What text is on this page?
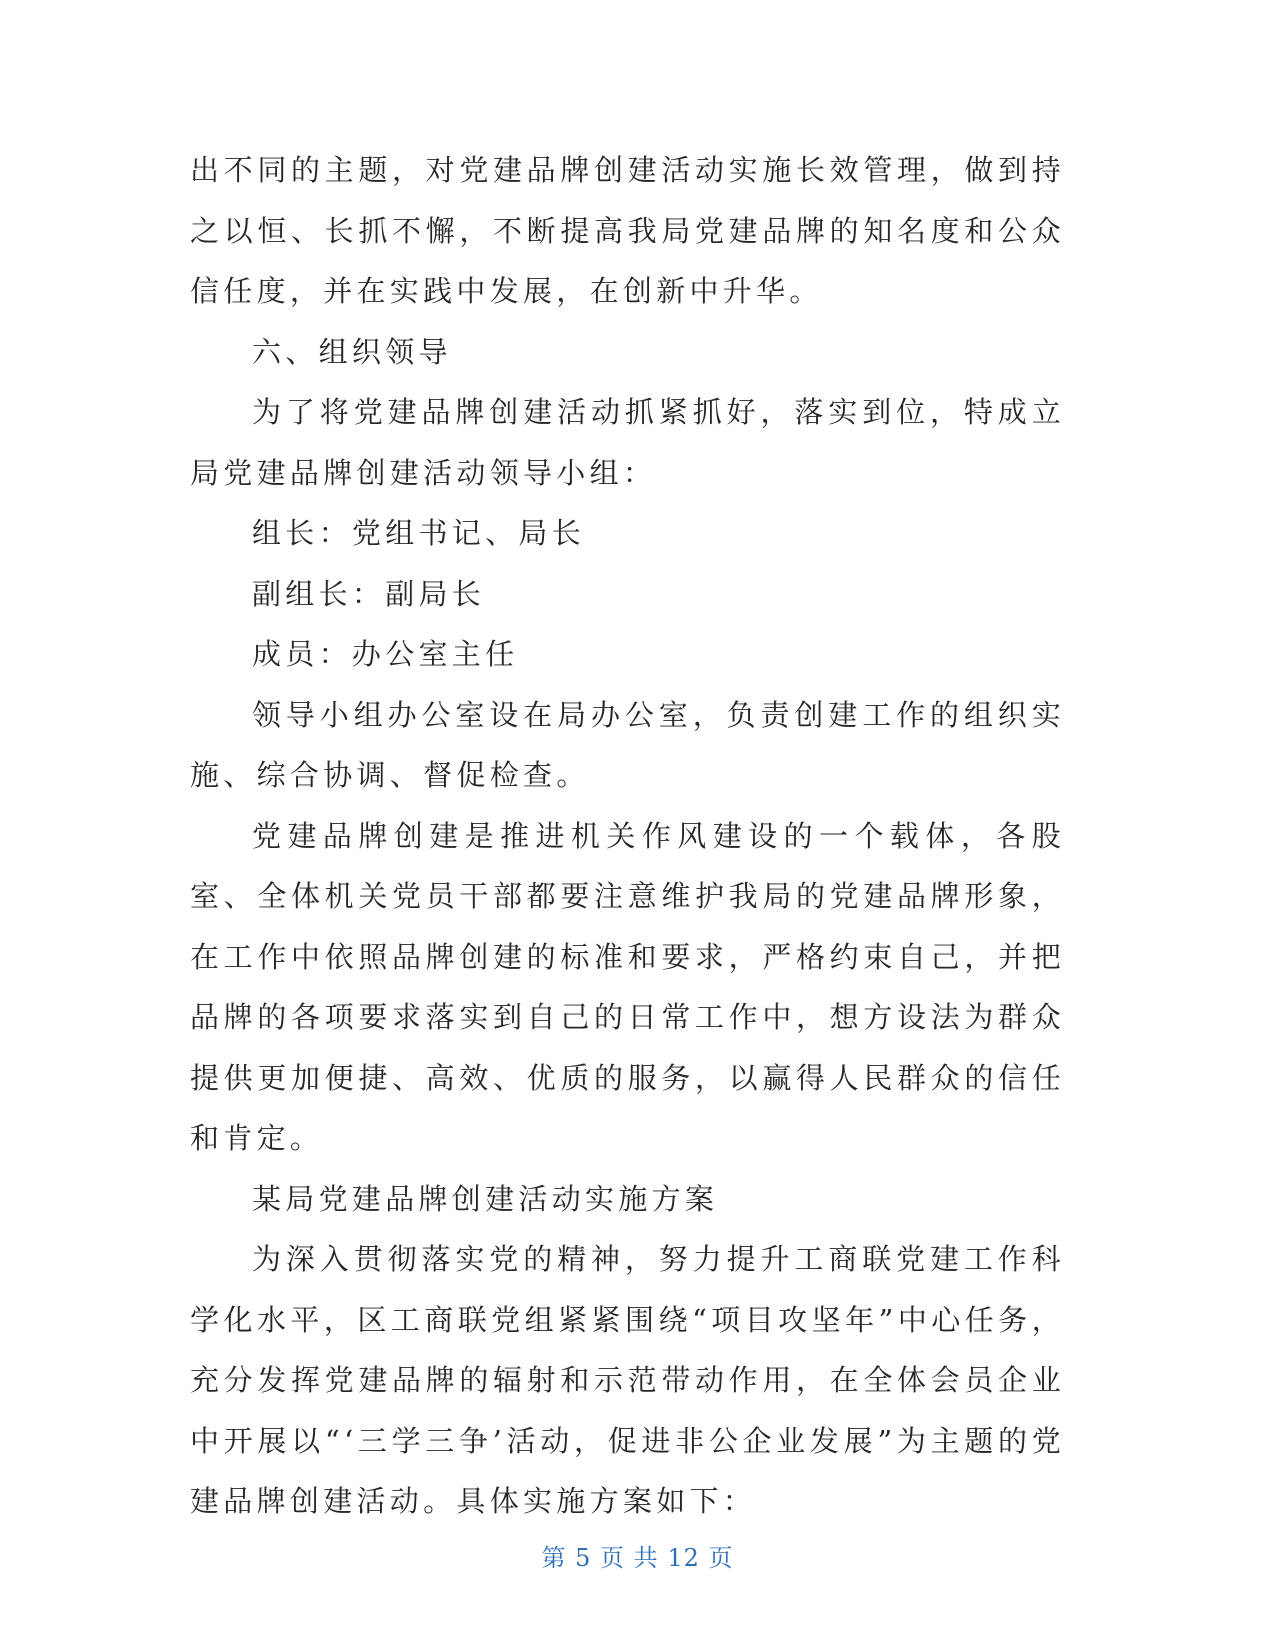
出不同的主题，对党建品牌创建活动实施长效管理，做到持之以恒、长抓不懈，不断提高我局党建品牌的知名度和公众信任度，并在实践中发展，在创新中升华。

六、组织领导

为了将党建品牌创建活动抓紧抓好，落实到位，特成立局党建品牌创建活动领导小组：

组长：党组书记、局长

副组长：副局长

成员：办公室主任

领导小组办公室设在局办公室，负责创建工作的组织实施、综合协调、督促检查。

党建品牌创建是推进机关作风建设的一个载体，各股室、全体机关党员干部都要注意维护我局的党建品牌形象，在工作中依照品牌创建的标准和要求，严格约束自己，并把品牌的各项要求落实到自己的日常工作中，想方设法为群众提供更加便捷、高效、优质的服务，以赢得人民群众的信任和肯定。

某局党建品牌创建活动实施方案

为深入贯彻落实党的精神，努力提升工商联党建工作科学化水平，区工商联党组紧紧围绕“项目攻坚年”中心任务，充分发挥党建品牌的辐射和示范带动作用，在全体会员企业中开展以“‘三学三争’活动，促进非公企业发展”为主题的党建品牌创建活动。具体实施方案如下：

第 5 页 共 12 页
